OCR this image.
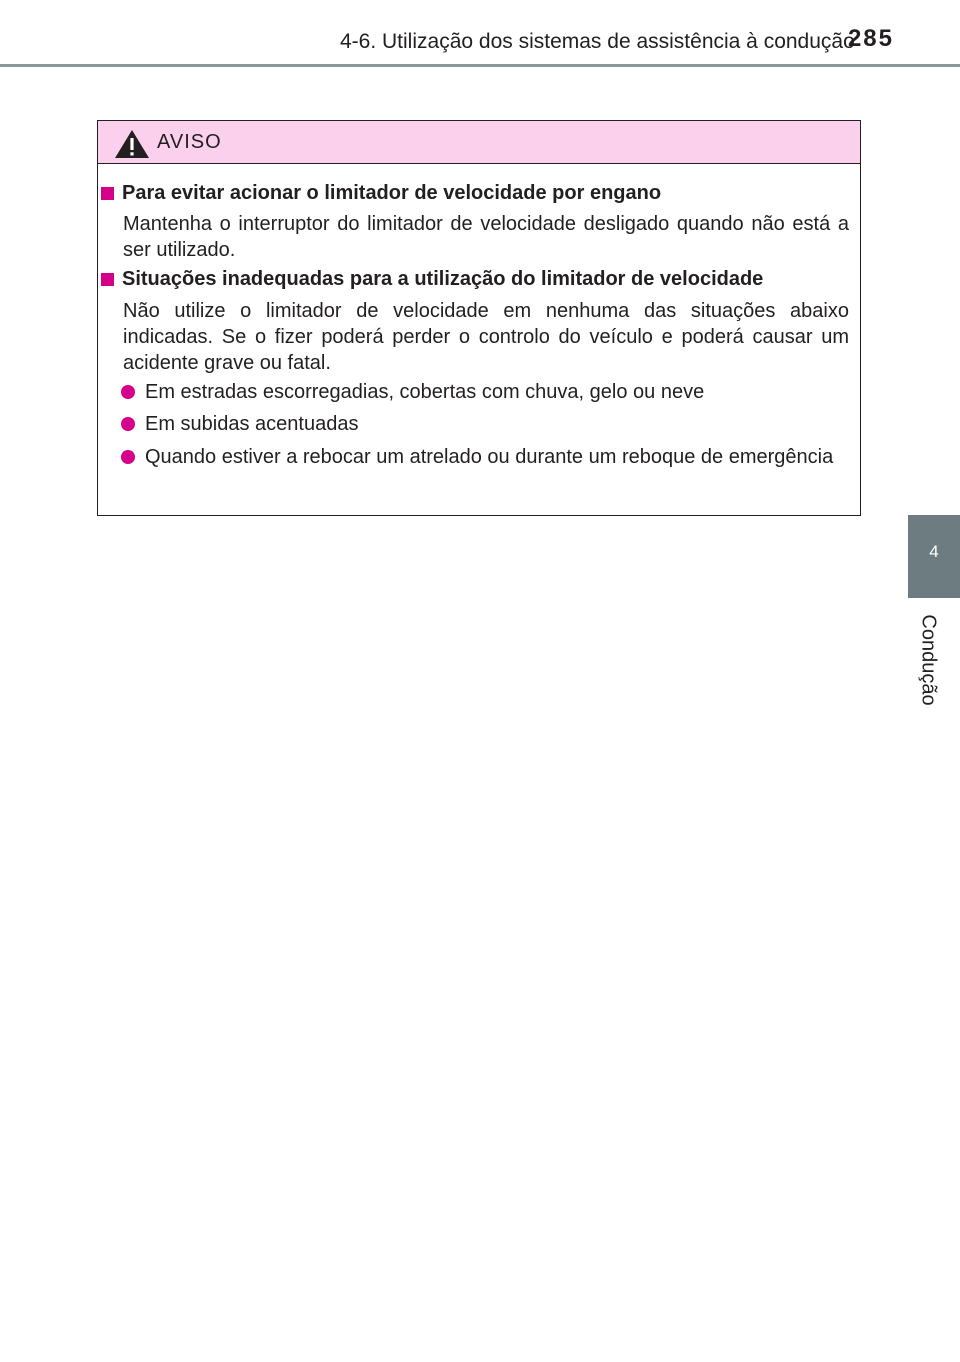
4-6. Utilização dos sistemas de assistência à condução
285
4
Condução
AVISO
Para evitar acionar o limitador de velocidade por engano
Mantenha o interruptor do limitador de velocidade desligado quando não está a ser utilizado.
Situações inadequadas para a utilização do limitador de velocidade
Não utilize o limitador de velocidade em nenhuma das situações abaixo indicadas. Se o fizer poderá perder o controlo do veículo e poderá causar um acidente grave ou fatal.
Em estradas escorregadias, cobertas com chuva, gelo ou neve
Em subidas acentuadas
Quando estiver a rebocar um atrelado ou durante um reboque de emergência
